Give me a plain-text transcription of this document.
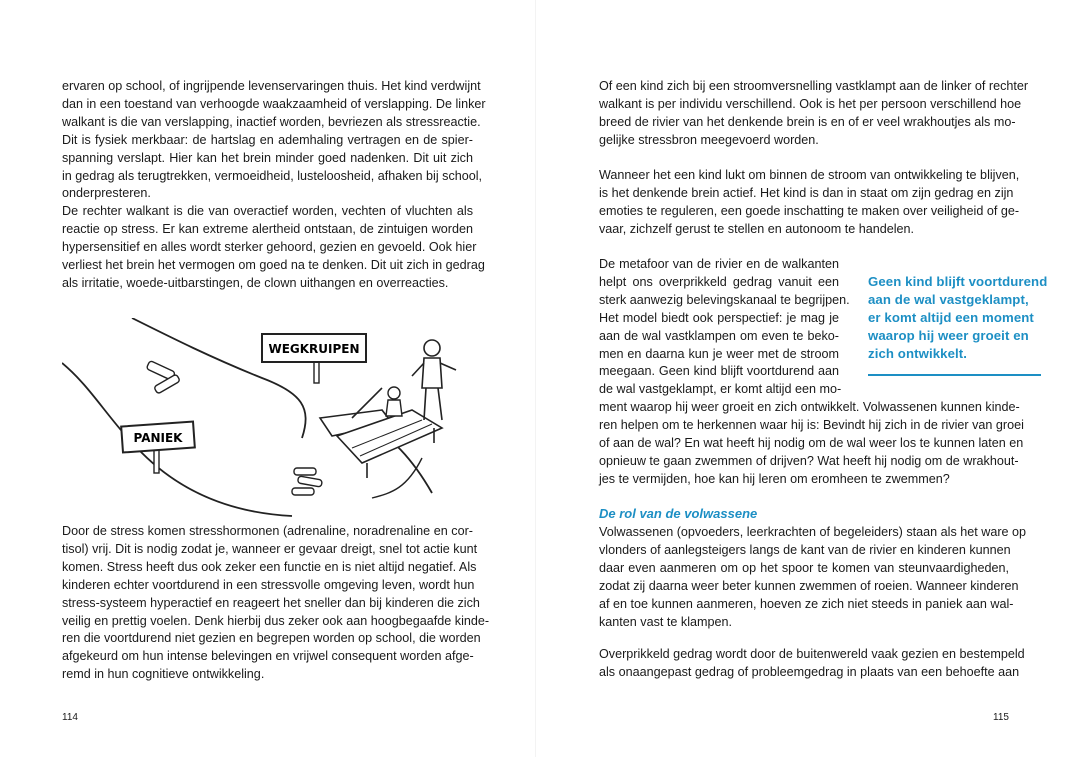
ervaren op school, of ingrijpende levenservaringen thuis. Het kind verdwijnt
dan in een toestand van verhoogde waakzaamheid of verslapping. De linker
walkant is die van verslapping, inactief worden, bevriezen als stressreactie.
Dit is fysiek merkbaar: de hartslag en ademhaling vertragen en de spier-
spanning verslapt. Hier kan het brein minder goed nadenken. Dit uit zich
in gedrag als terugtrekken, vermoeidheid, lusteloosheid, afhaken bij school,
onderpresteren.

De rechter walkant is die van overactief worden, vechten of vluchten als
reactie op stress. Er kan extreme alertheid ontstaan, de zintuigen worden
hypersensitief en alles wordt sterker gehoord, gezien en gevoeld. Ook hier
verliest het brein het vermogen om goed na te denken. Dit uit zich in gedrag
als irritatie, woede-uitbarstingen, de clown uithangen en overreacties.

WEGKRUIPEN
PANIEK

Door de stress komen stresshormonen (adrenaline, noradrenaline en cor-
tisol) vrij. Dit is nodig zodat je, wanneer er gevaar dreigt, snel tot actie kunt
komen. Stress heeft dus ook zeker een functie en is niet altijd negatief. Als
kinderen echter voortdurend in een stressvolle omgeving leven, wordt hun
stress-systeem hyperactief en reageert het sneller dan bij kinderen die zich
veilig en prettig voelen. Denk hierbij dus zeker ook aan hoogbegaafde kinde-
ren die voortdurend niet gezien en begrepen worden op school, die worden
afgekeurd om hun intense belevingen en vrijwel consequent worden afge-
remd in hun cognitieve ontwikkeling.

114

Of een kind zich bij een stroomversnelling vastklampt aan de linker of rechter
walkant is per individu verschillend. Ook is het per persoon verschillend hoe
breed de rivier van het denkende brein is en of er veel wrakhoutjes als mo-
gelijke stressbron meegevoerd worden.

Wanneer het een kind lukt om binnen de stroom van ontwikkeling te blijven,
is het denkende brein actief. Het kind is dan in staat om zijn gedrag en zijn
emoties te reguleren, een goede inschatting te maken over veiligheid of ge-
vaar, zichzelf gerust te stellen en autonoom te handelen.

De metafoor van de rivier en de walkanten
helpt ons overprikkeld gedrag vanuit een
sterk aanwezig belevingskanaal te begrijpen.
Het model biedt ook perspectief: je mag je
aan de wal vastklampen om even te beko-
men en daarna kun je weer met de stroom
meegaan. Geen kind blijft voortdurend aan
de wal vastgeklampt, er komt altijd een mo-

ment waarop hij weer groeit en zich ontwikkelt. Volwassenen kunnen kinde-
ren helpen om te herkennen waar hij is: Bevindt hij zich in de rivier van groei
of aan de wal? En wat heeft hij nodig om de wal weer los te kunnen laten en
opnieuw te gaan zwemmen of drijven? Wat heeft hij nodig om de wrakhout-
jes te vermijden, hoe kan hij leren om eromheen te zwemmen?

Geen kind blijft voortdurend
aan de wal vastgeklampt,
er komt altijd een moment
waarop hij weer groeit en
zich ontwikkelt.
De rol van de volwassene

Volwassenen (opvoeders, leerkrachten of begeleiders) staan als het ware op
vlonders of aanlegsteigers langs de kant van de rivier en kinderen kunnen
daar even aanmeren om op het spoor te komen van steunvaardigheden,
zodat zij daarna weer beter kunnen zwemmen of roeien. Wanneer kinderen
af en toe kunnen aanmeren, hoeven ze zich niet steeds in paniek aan wal-
kanten vast te klampen.

Overprikkeld gedrag wordt door de buitenwereld vaak gezien en bestempeld
als onaangepast gedrag of probleemgedrag in plaats van een behoefte aan

115
